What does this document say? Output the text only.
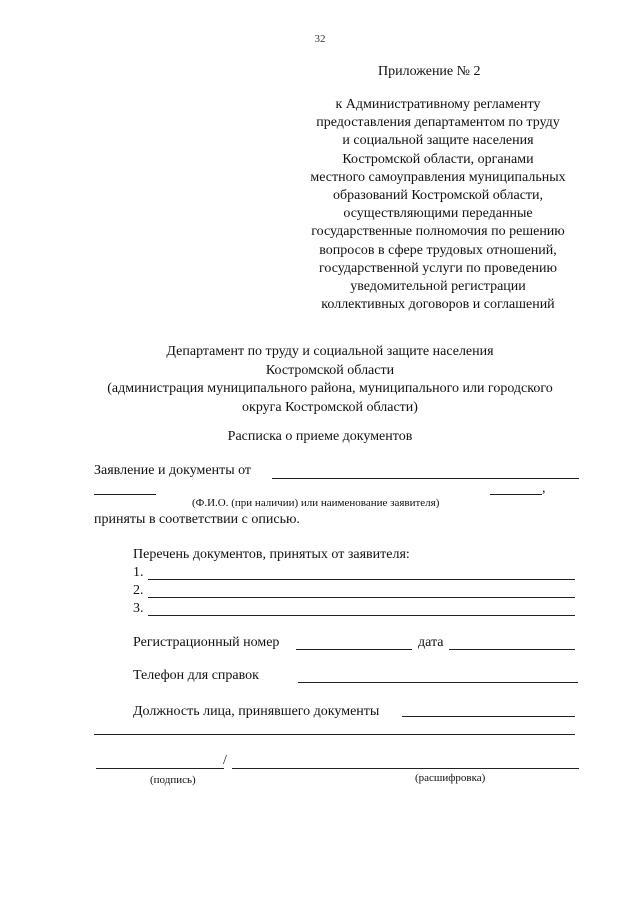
32
Приложение № 2
к Административному регламенту
предоставления департаментом по труду
и социальной защите населения
Костромской области, органами
местного самоуправления муниципальных
образований Костромской области,
осуществляющими переданные
государственные полномочия по решению
вопросов в сфере трудовых отношений,
государственной услуги по проведению
уведомительной регистрации
коллективных договоров и соглашений
Департамент по труду и социальной защите населения
Костромской области
(администрация муниципального района, муниципального или городского
округа Костромской области)
Расписка о приеме документов
Заявление и документы от
,
(Ф.И.О. (при наличии) или наименование заявителя)
приняты в соответствии с описью.
Перечень документов, принятых от заявителя:
1.
2.
3.
Регистрационный номер	дата
Телефон для справок
Должность лица, принявшего документы
/
(подпись)	(расшифровка)
